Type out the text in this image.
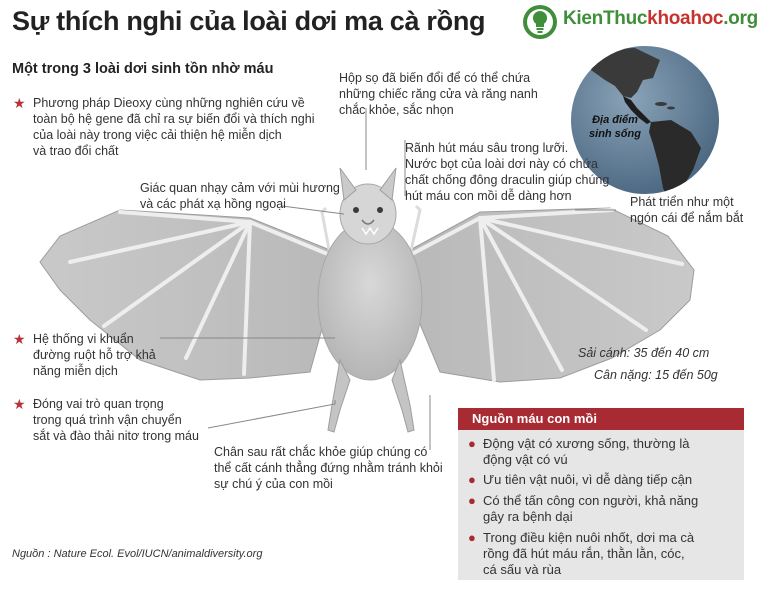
Sự thích nghi của loài dơi ma cà rồng
Một trong 3 loài dơi sinh tồn nhờ máu
KienThuckhoahoc.org
Địa điểm
sinh sống
★ Phương pháp Dieoxy cùng những nghiên cứu về
toàn bộ hệ gene đã chỉ ra sự biến đổi và thích nghi
của loài này trong việc cải thiện hệ miễn dịch
và trao đổi chất
★ Hệ thống vi khuẩn
đường ruột hỗ trợ khả
năng miễn dịch
★ Đóng vai trò quan trọng
trong quá trình vận chuyển
sắt và đào thải nitơ trong máu
Hộp sọ đã biến đổi để có thể chứa
những chiếc răng cửa và răng nanh
chắc khỏe, sắc nhọn
Rãnh hút máu sâu trong lưỡi.
Nước bọt của loài dơi này có chứa
chất chống đông draculin giúp chúng
hút máu con mồi dễ dàng hơn
Giác quan nhạy cảm với mùi hương
và các phát xạ hồng ngoại	Phát triển như một
ngón cái để nắm bắt
Chân sau rất chắc khỏe giúp chúng có
thể cất cánh thẳng đứng nhằm tránh khỏi
sự chú ý của con mồi
Sải cánh: 35 đến 40 cm
Cân nặng: 15 đến 50g
Nguồn máu con mồi
● Động vật có xương sống, thường là
động vật có vú
● Ưu tiên vật nuôi, vì dễ dàng tiếp cận
● Có thể tấn công con người, khả năng
gây ra bệnh dại
● Trong điều kiện nuôi nhốt, dơi ma cà
rồng đã hút máu rắn, thằn lằn, cóc,
cá sấu và rùa
Nguồn : Nature Ecol. Evol/IUCN/animaldiversity.org
